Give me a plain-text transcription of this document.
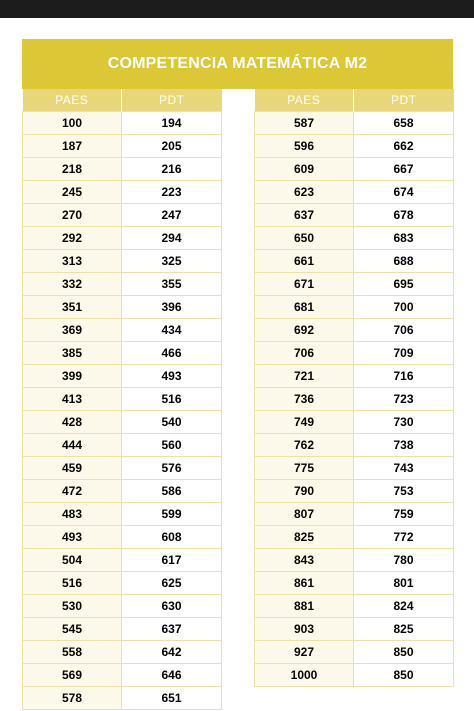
COMPETENCIA MATEMÁTICA M2
PAES	PDT
100	194
187	205
218	216
245	223
270	247
292	294
313	325
332	355
351	396
369	434
385	466
399	493
413	516
428	540
444	560
459	576
472	586
483	599
493	608
504	617
516	625
530	630
545	637
558	642
569	646
578	651
PAES	PDT
587	658
596	662
609	667
623	674
637	678
650	683
661	688
671	695
681	700
692	706
706	709
721	716
736	723
749	730
762	738
775	743
790	753
807	759
825	772
843	780
861	801
881	824
903	825
927	850
1000	850
